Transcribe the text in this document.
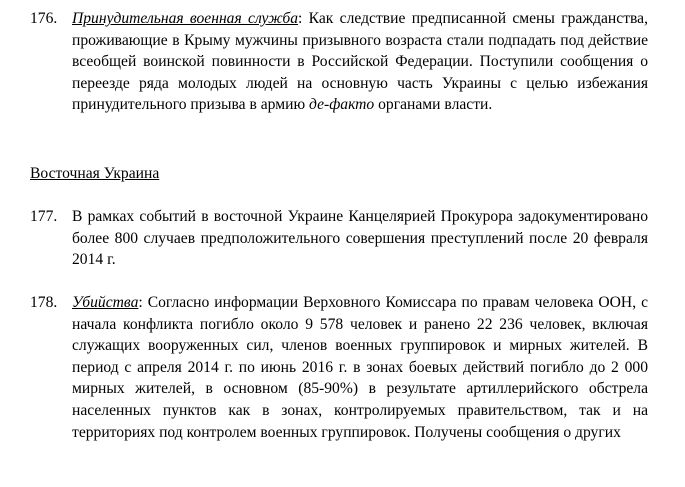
176. Принудительная военная служба: Как следствие предписанной смены гражданства, проживающие в Крыму мужчины призывного возраста стали подпадать под действие всеобщей воинской повинности в Российской Федерации. Поступили сообщения о переезде ряда молодых людей на основную часть Украины с целью избежания принудительного призыва в армию де-факто органами власти.
Восточная Украина
177. В рамках событий в восточной Украине Канцелярией Прокурора задокументировано более 800 случаев предположительного совершения преступлений после 20 февраля 2014 г.
178. Убийства: Согласно информации Верховного Комиссара по правам человека ООН, с начала конфликта погибло около 9 578 человек и ранено 22 236 человек, включая служащих вооруженных сил, членов военных группировок и мирных жителей. В период с апреля 2014 г. по июнь 2016 г. в зонах боевых действий погибло до 2 000 мирных жителей, в основном (85-90%) в результате артиллерийского обстрела населенных пунктов как в зонах, контролируемых правительством, так и на территориях под контролем военных группировок. Получены сообщения о других
